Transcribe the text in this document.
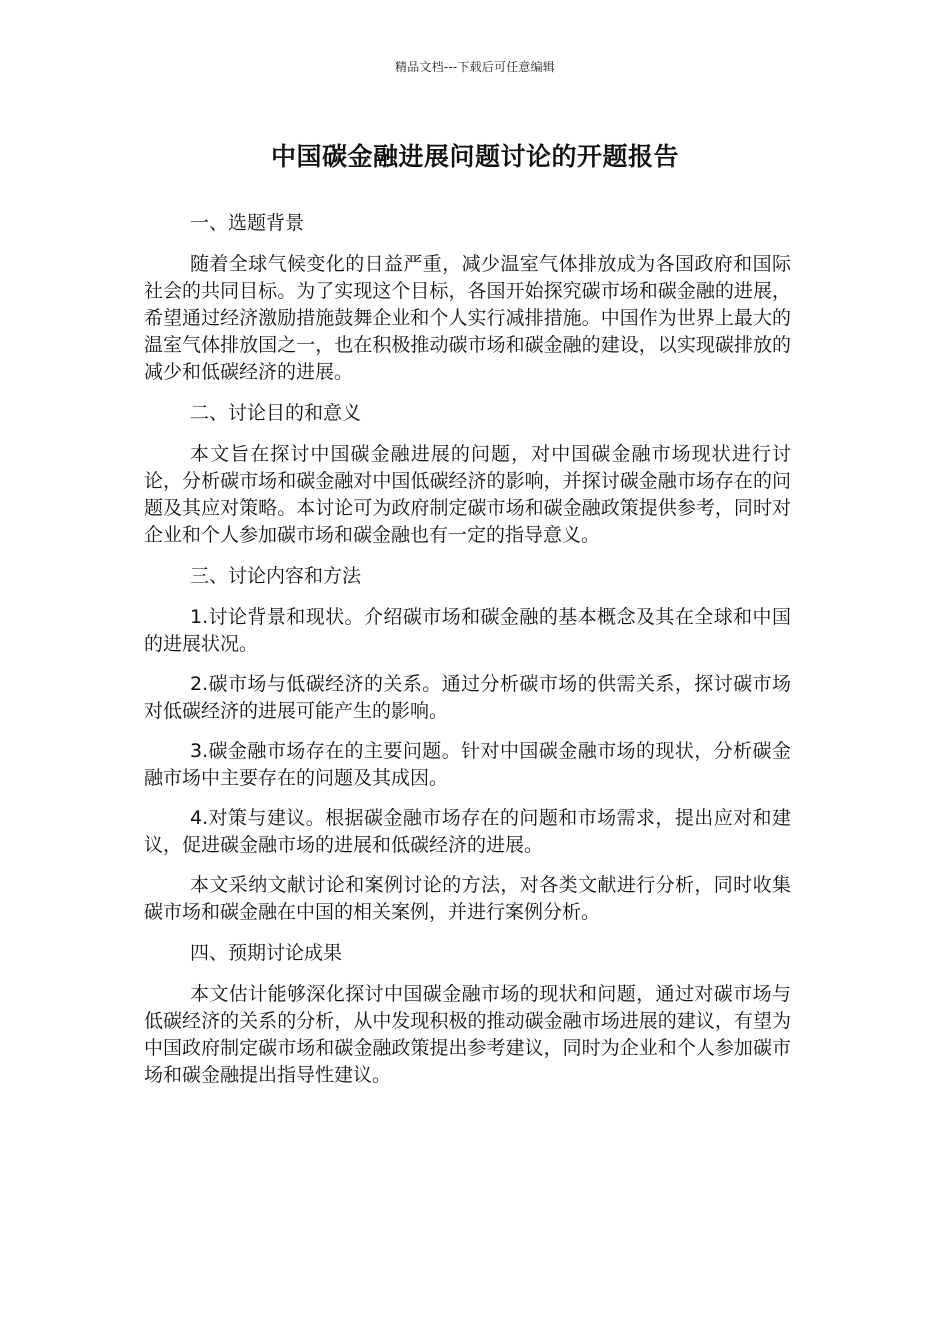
精品文档---下载后可任意编辑
中国碳金融进展问题讨论的开题报告
一、选题背景
随着全球气候变化的日益严重，减少温室气体排放成为各国政府和国际社会的共同目标。为了实现这个目标，各国开始探究碳市场和碳金融的进展，希望通过经济激励措施鼓舞企业和个人实行减排措施。中国作为世界上最大的温室气体排放国之一，也在积极推动碳市场和碳金融的建设，以实现碳排放的减少和低碳经济的进展。
二、讨论目的和意义
本文旨在探讨中国碳金融进展的问题，对中国碳金融市场现状进行讨论，分析碳市场和碳金融对中国低碳经济的影响，并探讨碳金融市场存在的问题及其应对策略。本讨论可为政府制定碳市场和碳金融政策提供参考，同时对企业和个人参加碳市场和碳金融也有一定的指导意义。
三、讨论内容和方法
1.讨论背景和现状。介绍碳市场和碳金融的基本概念及其在全球和中国的进展状况。
2.碳市场与低碳经济的关系。通过分析碳市场的供需关系，探讨碳市场对低碳经济的进展可能产生的影响。
3.碳金融市场存在的主要问题。针对中国碳金融市场的现状，分析碳金融市场中主要存在的问题及其成因。
4.对策与建议。根据碳金融市场存在的问题和市场需求，提出应对和建议，促进碳金融市场的进展和低碳经济的进展。
本文采纳文献讨论和案例讨论的方法，对各类文献进行分析，同时收集碳市场和碳金融在中国的相关案例，并进行案例分析。
四、预期讨论成果
本文估计能够深化探讨中国碳金融市场的现状和问题，通过对碳市场与低碳经济的关系的分析，从中发现积极的推动碳金融市场进展的建议，有望为中国政府制定碳市场和碳金融政策提出参考建议，同时为企业和个人参加碳市场和碳金融提出指导性建议。
